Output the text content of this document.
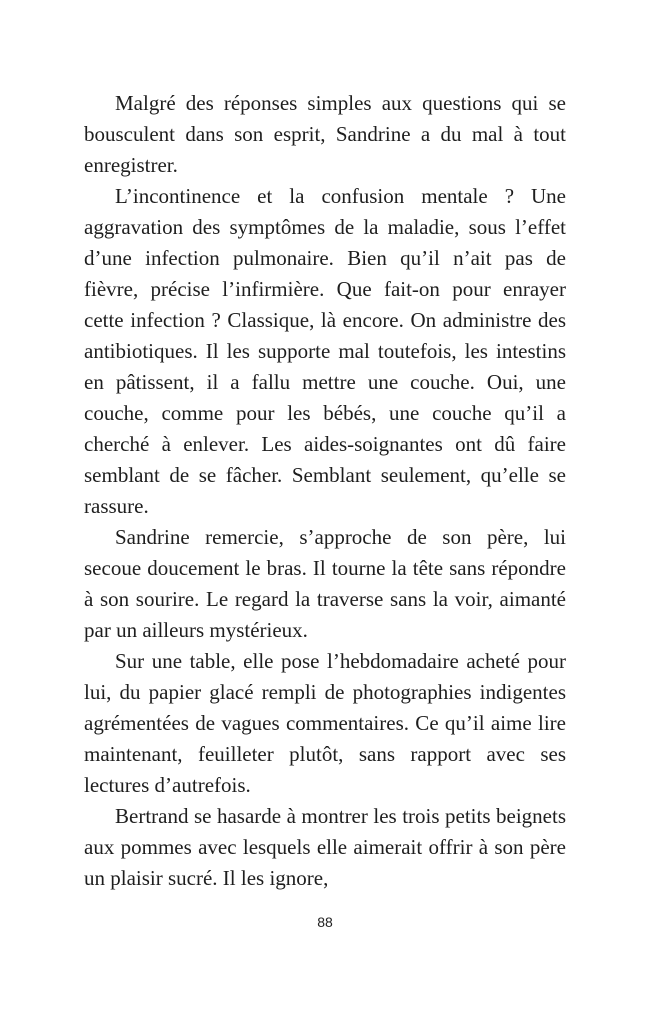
Malgré des réponses simples aux questions qui se bousculent dans son esprit, Sandrine a du mal à tout enregistrer.

L’incontinence et la confusion mentale ? Une aggravation des symptômes de la maladie, sous l’effet d’une infection pulmonaire. Bien qu’il n’ait pas de fièvre, précise l’infirmière. Que fait-on pour enrayer cette infection ? Classique, là encore. On administre des antibiotiques. Il les supporte mal toutefois, les intestins en pâtissent, il a fallu mettre une couche. Oui, une couche, comme pour les bébés, une couche qu’il a cherché à enlever. Les aides-soignantes ont dû faire semblant de se fâcher. Semblant seulement, qu’elle se rassure.

Sandrine remercie, s’approche de son père, lui secoue doucement le bras. Il tourne la tête sans répondre à son sourire. Le regard la traverse sans la voir, aimanté par un ailleurs mystérieux.

Sur une table, elle pose l’hebdomadaire acheté pour lui, du papier glacé rempli de photographies indigentes agrémentées de vagues commentaires. Ce qu’il aime lire maintenant, feuilleter plutôt, sans rapport avec ses lectures d’autrefois.

Bertrand se hasarde à montrer les trois petits beignets aux pommes avec lesquels elle aimerait offrir à son père un plaisir sucré. Il les ignore,

88
